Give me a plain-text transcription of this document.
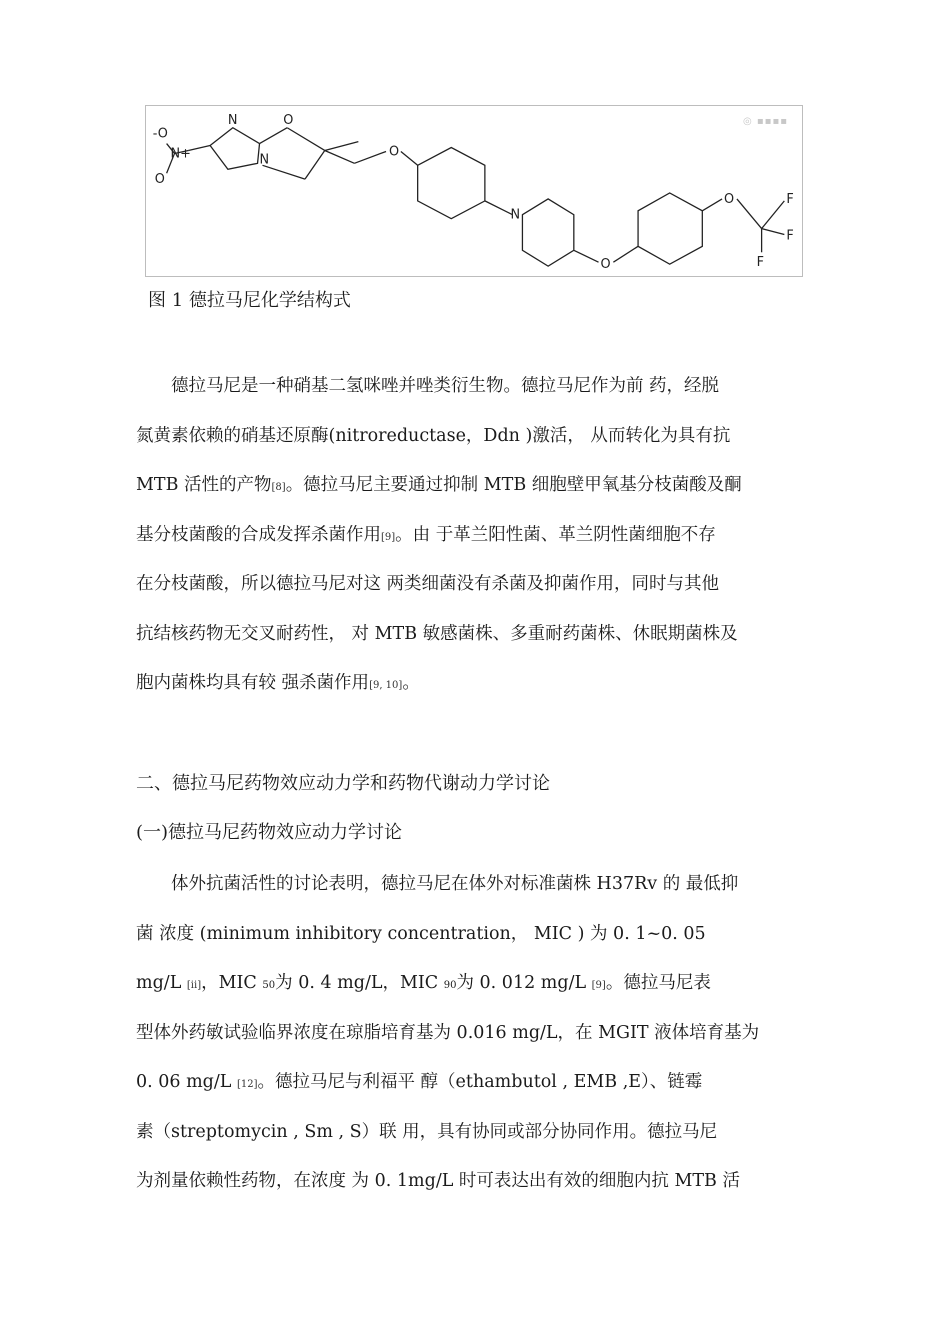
-O
N+
O
N	O
N
O
N
O
O	F
F
F
◎ ▪▪▪▪
图 1 德拉马尼化学结构式
德拉马尼是一种硝基二氢咪唑并唑类衍生物。德拉马尼作为前 药，经脱
氮黄素依赖的硝基还原酶(nitroreductase，Ddn )激活， 从而转化为具有抗
MTB 活性的产物[8]。德拉马尼主要通过抑制 MTB 细胞壁甲氧基分枝菌酸及酮
基分枝菌酸的合成发挥杀菌作用[9]。由 于革兰阳性菌、革兰阴性菌细胞不存
在分枝菌酸，所以德拉马尼对这 两类细菌没有杀菌及抑菌作用，同时与其他
抗结核药物无交叉耐药性， 对 MTB 敏感菌株、多重耐药菌株、休眠期菌株及
胞内菌株均具有较 强杀菌作用[9, 10]。
二、德拉马尼药物效应动力学和药物代谢动力学讨论
(一)德拉马尼药物效应动力学讨论
体外抗菌活性的讨论表明，德拉马尼在体外对标准菌株 H37Rv 的 最低抑
菌 浓度 (minimum inhibitory concentration， MIC ) 为 0. 1~0. 05
mg/L [ii]，MIC 50为 0. 4 mg/L，MIC 90为 0. 012 mg/L [9]。德拉马尼表
型体外药敏试验临界浓度在琼脂培育基为 0.016 mg/L，在 MGIT 液体培育基为
0. 06 mg/L [12]。德拉马尼与利福平 醇（ethambutol , EMB ,E）、链霉
素（streptomycin , Sm , S）联 用，具有协同或部分协同作用。德拉马尼
为剂量依赖性药物，在浓度 为 0. 1mg/L 时可表达出有效的细胞内抗 MTB 活
